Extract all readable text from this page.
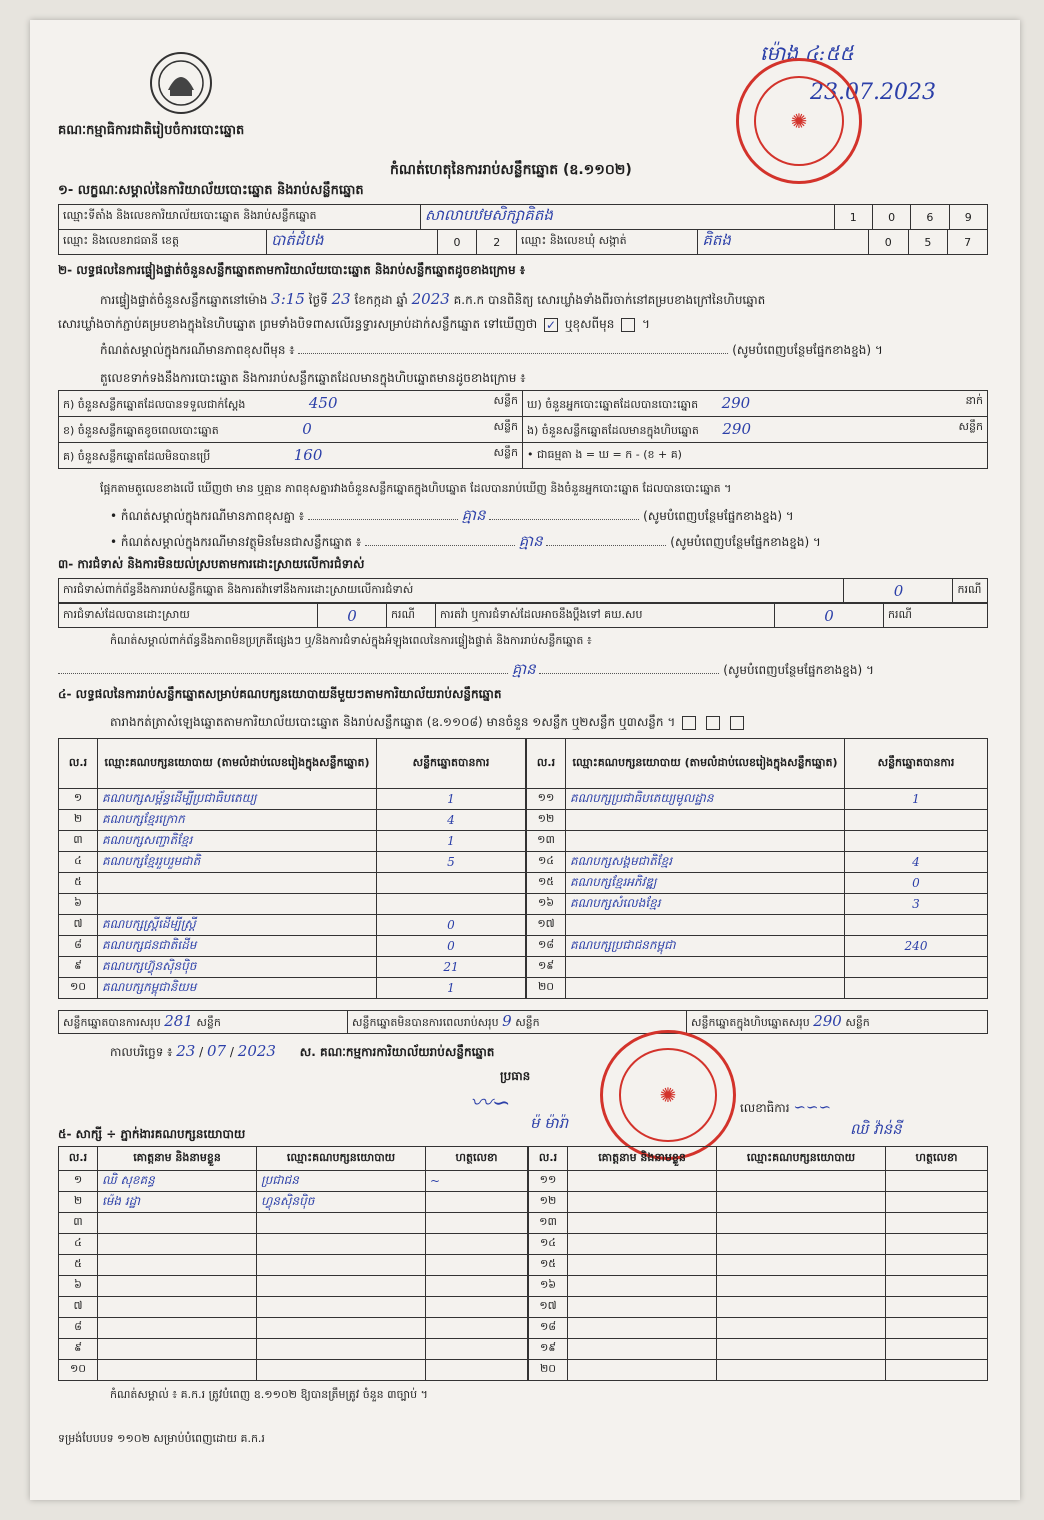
គណៈកម្មាធិការជាតិរៀបចំការបោះឆ្នោត
ម៉ោង ៤:៥៥
23.07.2023
✺
កំណត់ហេតុនៃការរាប់សន្លឹកឆ្នោត (ឧ.១១០២)
១- លក្ខណៈសម្គាល់នៃការិយាល័យបោះឆ្នោត និងរាប់សន្លឹកឆ្នោត
ឈ្មោះទីតាំង និងលេខការិយាល័យបោះឆ្នោត និងរាប់សន្លឹកឆ្នោត	សាលាបឋមសិក្សាគិតង	1	0	6	9
ឈ្មោះ និងលេខរាជធានី ខេត្ត	បាត់ដំបង	0	2	ឈ្មោះ និងលេខឃុំ សង្កាត់	គិតង	0	5	7
២- លទ្ធផលនៃការផ្ទៀងផ្ទាត់ចំនួនសន្លឹកឆ្នោតតាមការិយាល័យបោះឆ្នោត និងរាប់សន្លឹកឆ្នោតដូចខាងក្រោម ៖
ការផ្ទៀងផ្ទាត់ចំនួនសន្លឹកឆ្នោតនៅម៉ោង 3:15 ថ្ងៃទី 23 ខែកក្កដា ឆ្នាំ 2023 គ.ក.ក បានពិនិត្យ សោរឃ្លាំងទាំងពីរចាក់នៅគម្របខាងក្រៅនៃហិបឆ្នោត
សោរឃ្លាំងចាក់ភ្ជាប់គម្របខាងក្នុងនៃហិបឆ្នោត ព្រមទាំងបិទពាសលើរន្ធទ្វារសម្រាប់ដាក់សន្លឹកឆ្នោត ទៅឃើញថា ✓ ឬខុសពីមុន  ។
កំណត់សម្គាល់ក្នុងករណីមានភាពខុសពីមុន ៖	(សូមបំពេញបន្ថែមផ្នែកខាងខ្នង) ។
តួលេខទាក់ទងនឹងការបោះឆ្នោត និងការរាប់សន្លឹកឆ្នោតដែលមានក្នុងហិបឆ្នោតមានដូចខាងក្រោម ៖
ក) ចំនួនសន្លឹកឆ្នោតដែលបានទទួលជាក់ស្តែង 450 សន្លឹក	ឃ) ចំនួនអ្នកបោះឆ្នោតដែលបានបោះឆ្នោត 290 នាក់

ខ) ចំនួនសន្លឹកឆ្នោតខូចពេលបោះឆ្នោត 0 សន្លឹក	ង) ចំនួនសន្លឹកឆ្នោតដែលមានក្នុងហិបឆ្នោត 290 សន្លឹក

គ) ចំនួនសន្លឹកឆ្នោតដែលមិនបានប្រើ 160 សន្លឹក	• ជាធម្មតា ង = ឃ = ក - (ខ + គ)
ផ្អែកតាមតួលេខខាងលើ ឃើញថា មាន ឬគ្មាន ភាពខុសគ្នារវាងចំនួនសន្លឹកឆ្នោតក្នុងហិបឆ្នោត ដែលបានរាប់ឃើញ និងចំនួនអ្នកបោះឆ្នោត ដែលបានបោះឆ្នោត ។
• កំណត់សម្គាល់ក្នុងករណីមានភាពខុសគ្នា ៖	គ្មាន	(សូមបំពេញបន្ថែមផ្នែកខាងខ្នង) ។
• កំណត់សម្គាល់ក្នុងករណីមានវត្ថុមិនមែនជាសន្លឹកឆ្នោត ៖	គ្មាន	(សូមបំពេញបន្ថែមផ្នែកខាងខ្នង) ។
៣- ការជំទាស់ និងការមិនយល់ស្របតាមការដោះស្រាយលើការជំទាស់
ការជំទាស់ពាក់ព័ន្ធនឹងការរាប់សន្លឹកឆ្នោត និងការតវ៉ាទៅនឹងការដោះស្រាយលើការជំទាស់	0	ករណី
ការជំទាស់ដែលបានដោះស្រាយ	0	ករណី	ការតវ៉ា ឬការជំទាស់ដែលអាចនឹងប្តឹងទៅ គឃ.សប	0	ករណី
កំណត់សម្គាល់ពាក់ព័ន្ធនឹងភាពមិនប្រក្រតីផ្សេងៗ ឬ/និងការជំទាស់ក្នុងអំឡុងពេលនៃការផ្ទៀងផ្ទាត់ និងការរាប់សន្លឹកឆ្នោត ៖
គ្មាន	(សូមបំពេញបន្ថែមផ្នែកខាងខ្នង) ។
៤- លទ្ធផលនៃការរាប់សន្លឹកឆ្នោតសម្រាប់គណបក្សនយោបាយនីមួយៗតាមការិយាល័យរាប់សន្លឹកឆ្នោត
តារាងកត់ត្រាសំឡេងឆ្នោតតាមការិយាល័យបោះឆ្នោត និងរាប់សន្លឹកឆ្នោត (ឧ.១១០៨) មានចំនួន ១សន្លឹក ឬ២សន្លឹក ឬ៣សន្លឹក ។
ល.រ	ឈ្មោះគណបក្សនយោបាយ (តាមលំដាប់លេខរៀងក្នុងសន្លឹកឆ្នោត)	សន្លឹកឆ្នោតបានការ
១	គណបក្សសម្ព័ន្ធដើម្បីប្រជាធិបតេយ្យ	1
២	គណបក្សខ្មែរក្រោក	4
៣	គណបក្សសញ្ជាតិខ្មែរ	1
៤	គណបក្សខ្មែររួបរួមជាតិ	5
៥		
៦		
៧	គណបក្សស្ត្រីដើម្បីស្ត្រី	0
៨	គណបក្សជនជាតិដើម	0
៩	គណបក្សហ៊្វុនស៊ិនប៉ិច	21
១០	គណបក្សកម្ពុជានិយម	1
ល.រ	ឈ្មោះគណបក្សនយោបាយ (តាមលំដាប់លេខរៀងក្នុងសន្លឹកឆ្នោត)	សន្លឹកឆ្នោតបានការ
១១	គណបក្សប្រជាធិបតេយ្យមូលដ្ឋាន	1
១២		
១៣		
១៤	គណបក្សសង្គមជាតិខ្មែរ	4
១៥	គណបក្សខ្មែរអភិវឌ្ឍ	0
១៦	គណបក្សសំលេងខ្មែរ	3
១៧		
១៨	គណបក្សប្រជាជនកម្ពុជា	240
១៩		
២០		
សន្លឹកឆ្នោតបានការសរុប 281 សន្លឹក	សន្លឹកឆ្នោតមិនបានការពេលរាប់សរុប 9 សន្លឹក	សន្លឹកឆ្នោតក្នុងហិបឆ្នោតសរុប 290 សន្លឹក
កាលបរិច្ឆេទ ៖ 23 / 07 / 2023 ស. គណៈកម្មការការិយាល័យរាប់សន្លឹកឆ្នោត
ប្រធាន
〰∽
ម៉ ម៉ារ៉ា
✺
លេខាធិការ ∽∽∽
ឈិ វ៉ាន់នី
៥- សាក្សី ÷ ភ្នាក់ងារគណបក្សនយោបាយ
ល.រ	គោត្តនាម និងនាមខ្លួន	ឈ្មោះគណបក្សនយោបាយ	ហត្ថលេខា
១	ឈិ សុខគន្ធ	ប្រជាជន	~
២	ម៉េង រដ្ឋា	ហ្វុនស៊ិនប៉ិច	
៣			
៤			
៥			
៦			
៧			
៨			
៩			
១០			
ល.រ	គោត្តនាម និងនាមខ្លួន	ឈ្មោះគណបក្សនយោបាយ	ហត្ថលេខា
១១			
១២			
១៣			
១៤			
១៥			
១៦			
១៧			
១៨			
១៩			
២០			
កំណត់សម្គាល់ ៖ គ.ក.រ ត្រូវបំពេញ ឧ.១១០២ ឱ្យបានត្រឹមត្រូវ ចំនួន ៣ច្បាប់ ។
ទម្រង់បែបបទ ១១០២ សម្រាប់បំពេញដោយ គ.ក.រ
